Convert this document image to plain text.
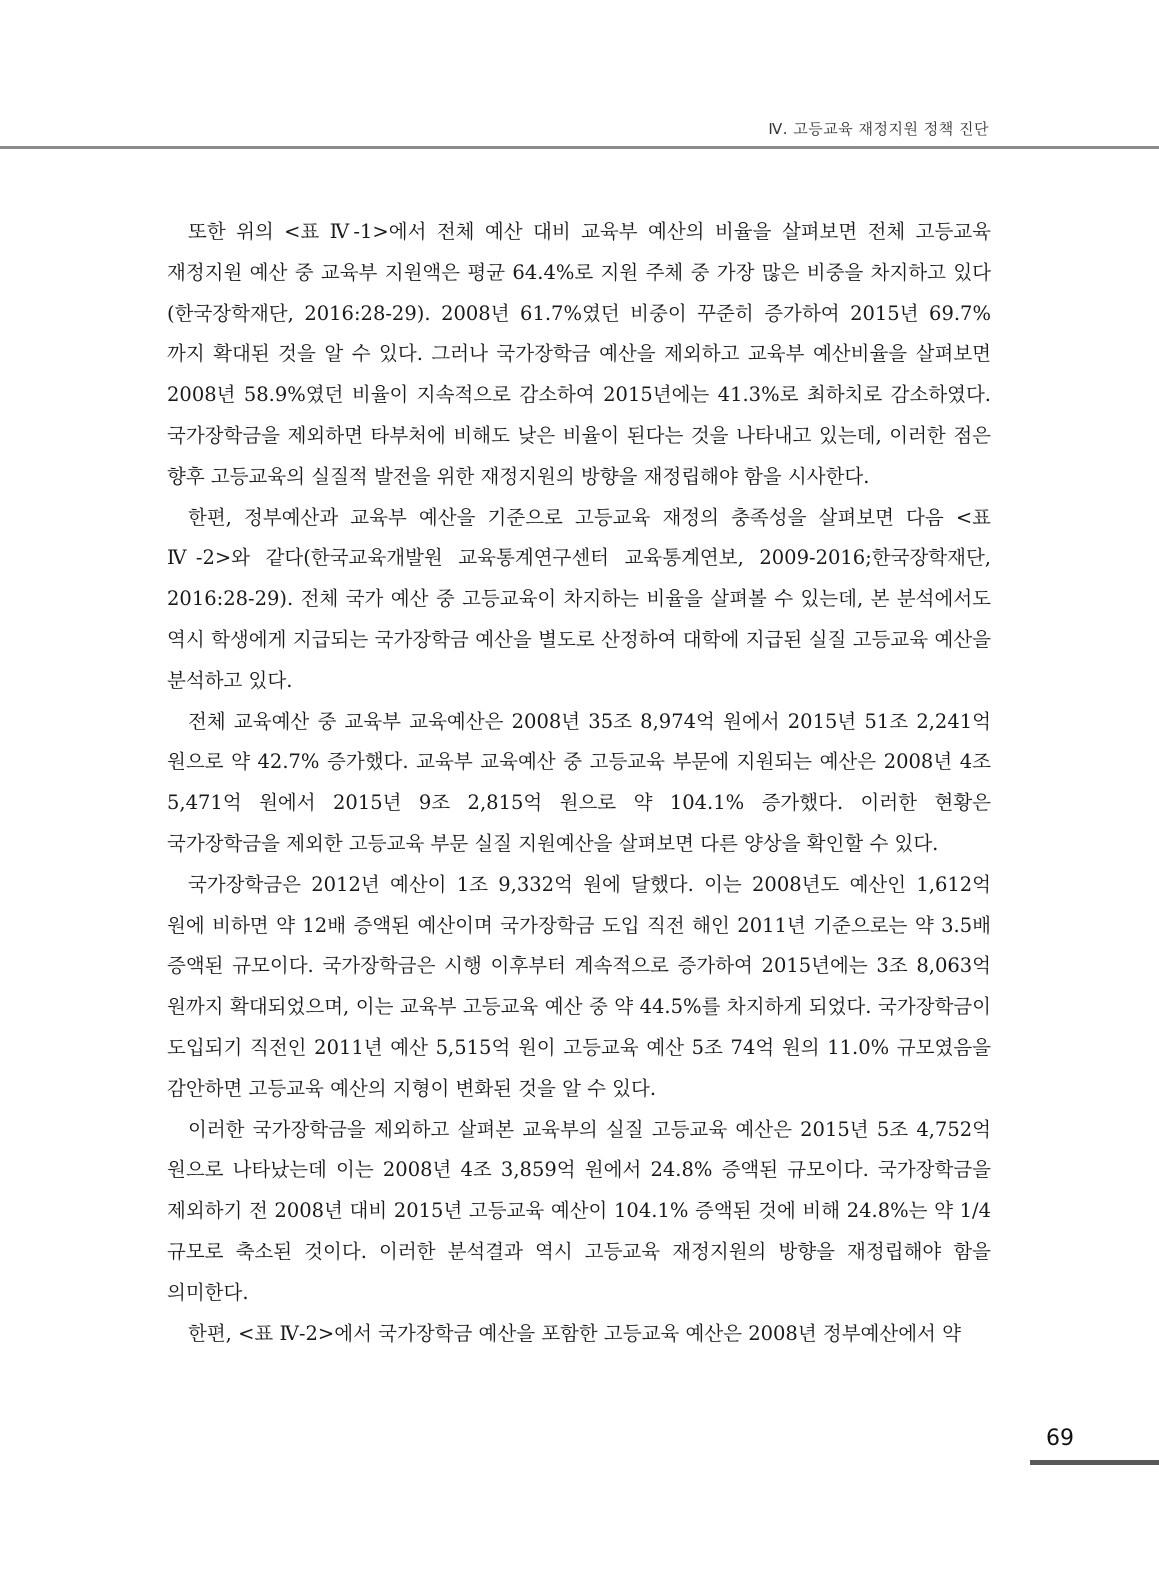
Ⅳ. 고등교육 재정지원 정책 진단

또한 위의 <표 Ⅳ-1>에서 전체 예산 대비 교육부 예산의 비율을 살펴보면 전체 고등교육 재정지원 예산 중 교육부 지원액은 평균 64.4%로 지원 주체 중 가장 많은 비중을 차지하고 있다(한국장학재단, 2016:28-29). 2008년 61.7%였던 비중이 꾸준히 증가하여 2015년 69.7%까지 확대된 것을 알 수 있다. 그러나 국가장학금 예산을 제외하고 교육부 예산비율을 살펴보면 2008년 58.9%였던 비율이 지속적으로 감소하여 2015년에는 41.3%로 최하치로 감소하였다. 국가장학금을 제외하면 타부처에 비해도 낮은 비율이 된다는 것을 나타내고 있는데, 이러한 점은 향후 고등교육의 실질적 발전을 위한 재정지원의 방향을 재정립해야 함을 시사한다.

한편, 정부예산과 교육부 예산을 기준으로 고등교육 재정의 충족성을 살펴보면 다음 <표 Ⅳ-2>와 같다(한국교육개발원 교육통계연구센터 교육통계연보, 2009-2016;한국장학재단, 2016:28-29). 전체 국가 예산 중 고등교육이 차지하는 비율을 살펴볼 수 있는데, 본 분석에서도 역시 학생에게 지급되는 국가장학금 예산을 별도로 산정하여 대학에 지급된 실질 고등교육 예산을 분석하고 있다.

전체 교육예산 중 교육부 교육예산은 2008년 35조 8,974억 원에서 2015년 51조 2,241억 원으로 약 42.7% 증가했다. 교육부 교육예산 중 고등교육 부문에 지원되는 예산은 2008년 4조 5,471억 원에서 2015년 9조 2,815억 원으로 약 104.1% 증가했다. 이러한 현황은 국가장학금을 제외한 고등교육 부문 실질 지원예산을 살펴보면 다른 양상을 확인할 수 있다.

국가장학금은 2012년 예산이 1조 9,332억 원에 달했다. 이는 2008년도 예산인 1,612억 원에 비하면 약 12배 증액된 예산이며 국가장학금 도입 직전 해인 2011년 기준으로는 약 3.5배 증액된 규모이다. 국가장학금은 시행 이후부터 계속적으로 증가하여 2015년에는 3조 8,063억 원까지 확대되었으며, 이는 교육부 고등교육 예산 중 약 44.5%를 차지하게 되었다. 국가장학금이 도입되기 직전인 2011년 예산 5,515억 원이 고등교육 예산 5조 74억 원의 11.0% 규모였음을 감안하면 고등교육 예산의 지형이 변화된 것을 알 수 있다.

이러한 국가장학금을 제외하고 살펴본 교육부의 실질 고등교육 예산은 2015년 5조 4,752억 원으로 나타났는데 이는 2008년 4조 3,859억 원에서 24.8% 증액된 규모이다. 국가장학금을 제외하기 전 2008년 대비 2015년 고등교육 예산이 104.1% 증액된 것에 비해 24.8%는 약 1/4 규모로 축소된 것이다. 이러한 분석결과 역시 고등교육 재정지원의 방향을 재정립해야 함을 의미한다.

한편, <표 Ⅳ-2>에서 국가장학금 예산을 포함한 고등교육 예산은 2008년 정부예산에서 약

69
